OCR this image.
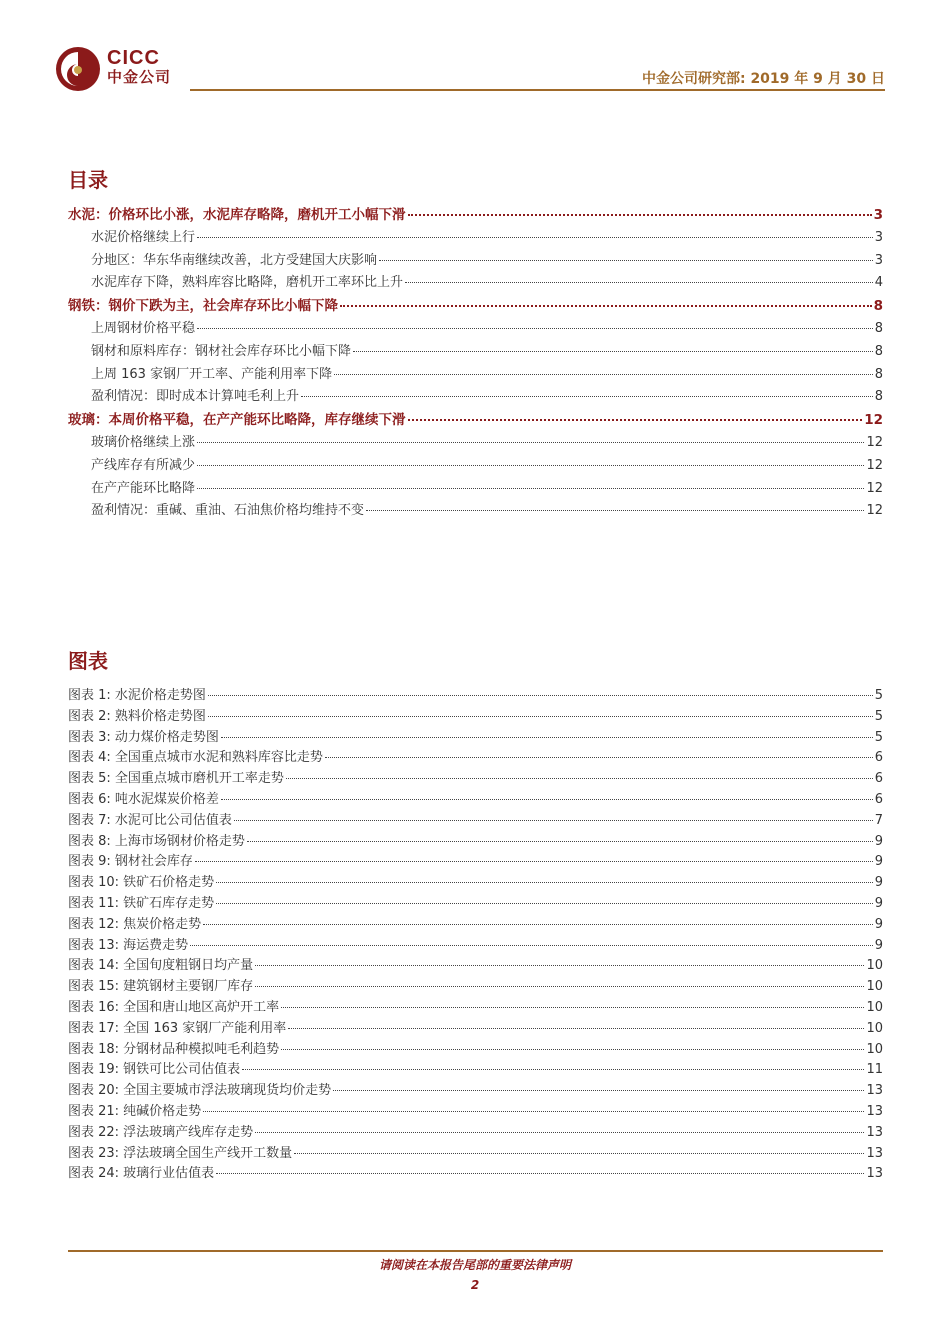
CICC
中金公司	中金公司研究部: 2019 年 9 月 30 日
目录
水泥：价格环比小涨，水泥库存略降，磨机开工小幅下滑	3
水泥价格继续上行	3
分地区：华东华南继续改善，北方受建国大庆影响	3
水泥库存下降，熟料库容比略降，磨机开工率环比上升	4
钢铁：钢价下跌为主，社会库存环比小幅下降	8
上周钢材价格平稳	8
钢材和原料库存：钢材社会库存环比小幅下降	8
上周 163 家钢厂开工率、产能利用率下降	8
盈利情况：即时成本计算吨毛利上升	8
玻璃：本周价格平稳，在产产能环比略降，库存继续下滑	12
玻璃价格继续上涨	12
产线库存有所减少	12
在产产能环比略降	12
盈利情况：重碱、重油、石油焦价格均维持不变	12
图表
图表 1: 水泥价格走势图	5
图表 2: 熟料价格走势图	5
图表 3: 动力煤价格走势图	5
图表 4: 全国重点城市水泥和熟料库容比走势	6
图表 5: 全国重点城市磨机开工率走势	6
图表 6: 吨水泥煤炭价格差	6
图表 7: 水泥可比公司估值表	7
图表 8: 上海市场钢材价格走势	9
图表 9: 钢材社会库存	9
图表 10: 铁矿石价格走势	9
图表 11: 铁矿石库存走势	9
图表 12: 焦炭价格走势	9
图表 13: 海运费走势	9
图表 14: 全国旬度粗钢日均产量	10
图表 15: 建筑钢材主要钢厂库存	10
图表 16: 全国和唐山地区高炉开工率	10
图表 17: 全国 163 家钢厂产能利用率	10
图表 18: 分钢材品种模拟吨毛利趋势	10
图表 19: 钢铁可比公司估值表	11
图表 20: 全国主要城市浮法玻璃现货均价走势	13
图表 21: 纯碱价格走势	13
图表 22: 浮法玻璃产线库存走势	13
图表 23: 浮法玻璃全国生产线开工数量	13
图表 24: 玻璃行业估值表	13
请阅读在本报告尾部的重要法律声明
2
